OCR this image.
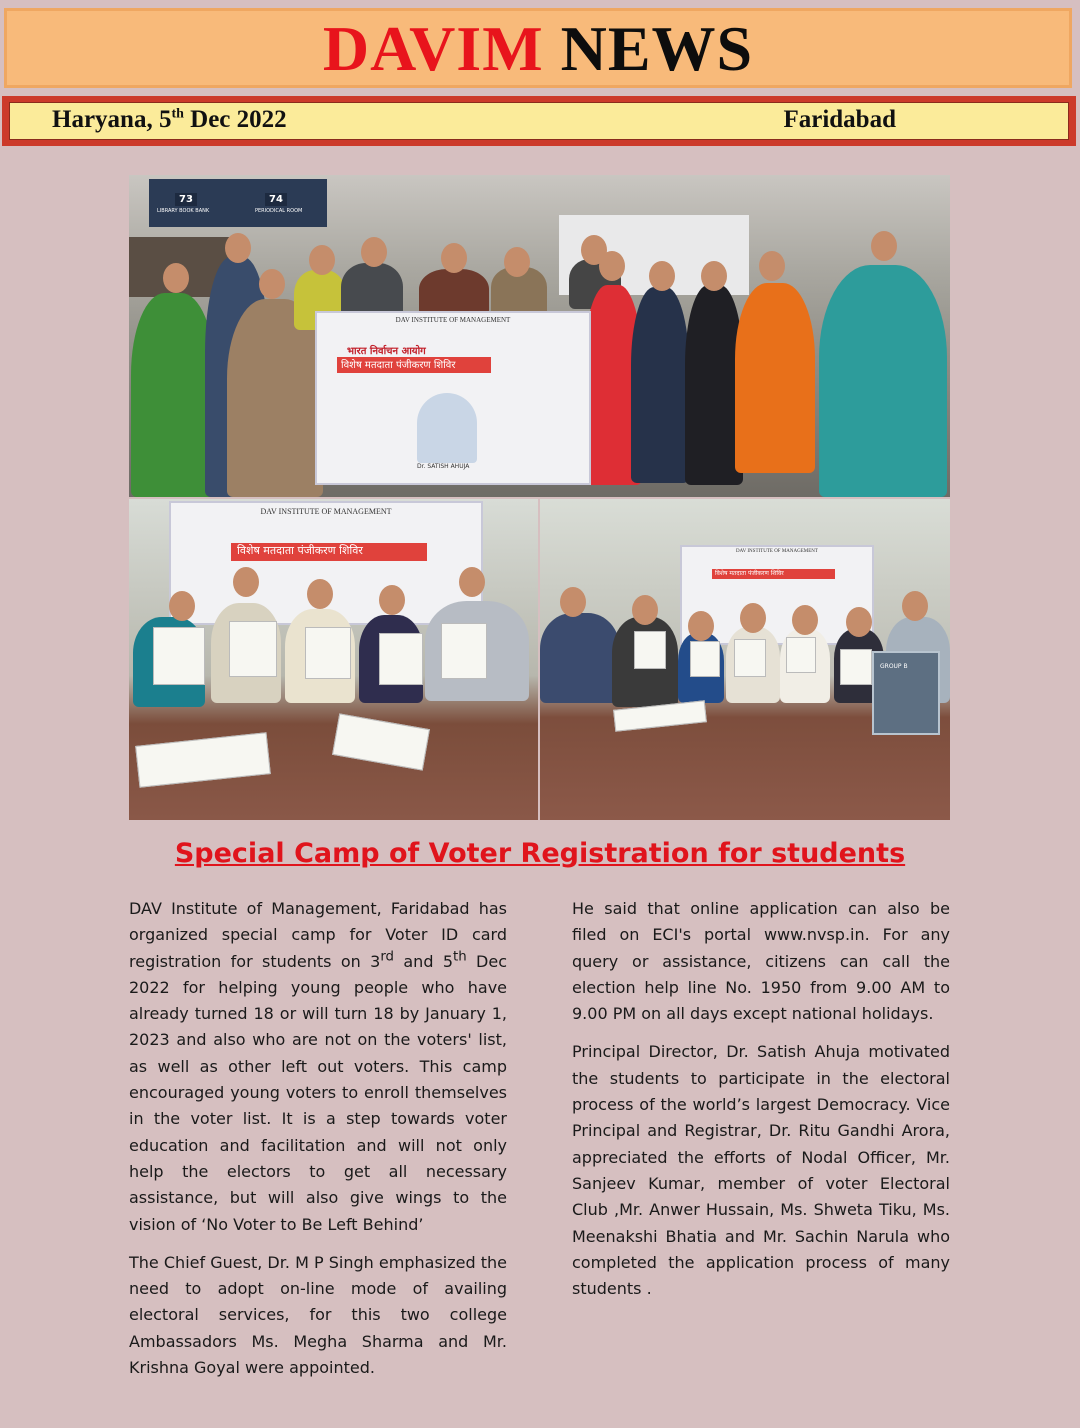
DAVIM NEWS
Haryana, 5th Dec 2022	Faridabad
73	74
LIBRARY BOOK BANK	PERIODICAL ROOM
DAV INSTITUTE OF MANAGEMENT
भारत निर्वाचन आयोग
विशेष मतदाता पंजीकरण शिविर
Dr. SATISH AHUJA
DAV INSTITUTE OF MANAGEMENT
विशेष मतदाता पंजीकरण शिविर	DAV INSTITUTE OF MANAGEMENT
विशेष मतदाता पंजीकरण शिविर
GROUP B
Special Camp of Voter Registration for students

DAV Institute of Management, Faridabad has organized special camp for Voter ID card registration for students on 3rd and 5th Dec 2022 for helping young people who have already turned 18 or will turn 18 by January 1, 2023 and also who are not on the voters' list, as well as other left out voters. This camp encouraged young voters to enroll themselves in the voter list. It is a step towards voter education and facilitation and will not only help the electors to get all necessary assistance, but will also give wings to the vision of ‘No Voter to Be Left Behind’

The Chief Guest, Dr. M P Singh emphasized the need to adopt on-line mode of availing electoral services, for this two college Ambassadors Ms. Megha Sharma and Mr. Krishna Goyal were appointed.

He said that online application can also be filed on ECI's portal www.nvsp.in. For any query or assistance, citizens can call the election help line No. 1950 from 9.00 AM to 9.00 PM on all days except national holidays.

Principal Director, Dr. Satish Ahuja motivated the students to participate in the electoral process of the world’s largest Democracy. Vice Principal and Registrar, Dr. Ritu Gandhi Arora, appreciated the efforts of Nodal Officer, Mr. Sanjeev Kumar, member of voter Electoral Club ,Mr. Anwer Hussain, Ms. Shweta Tiku, Ms. Meenakshi Bhatia and Mr. Sachin Narula who completed the application process of many students .
